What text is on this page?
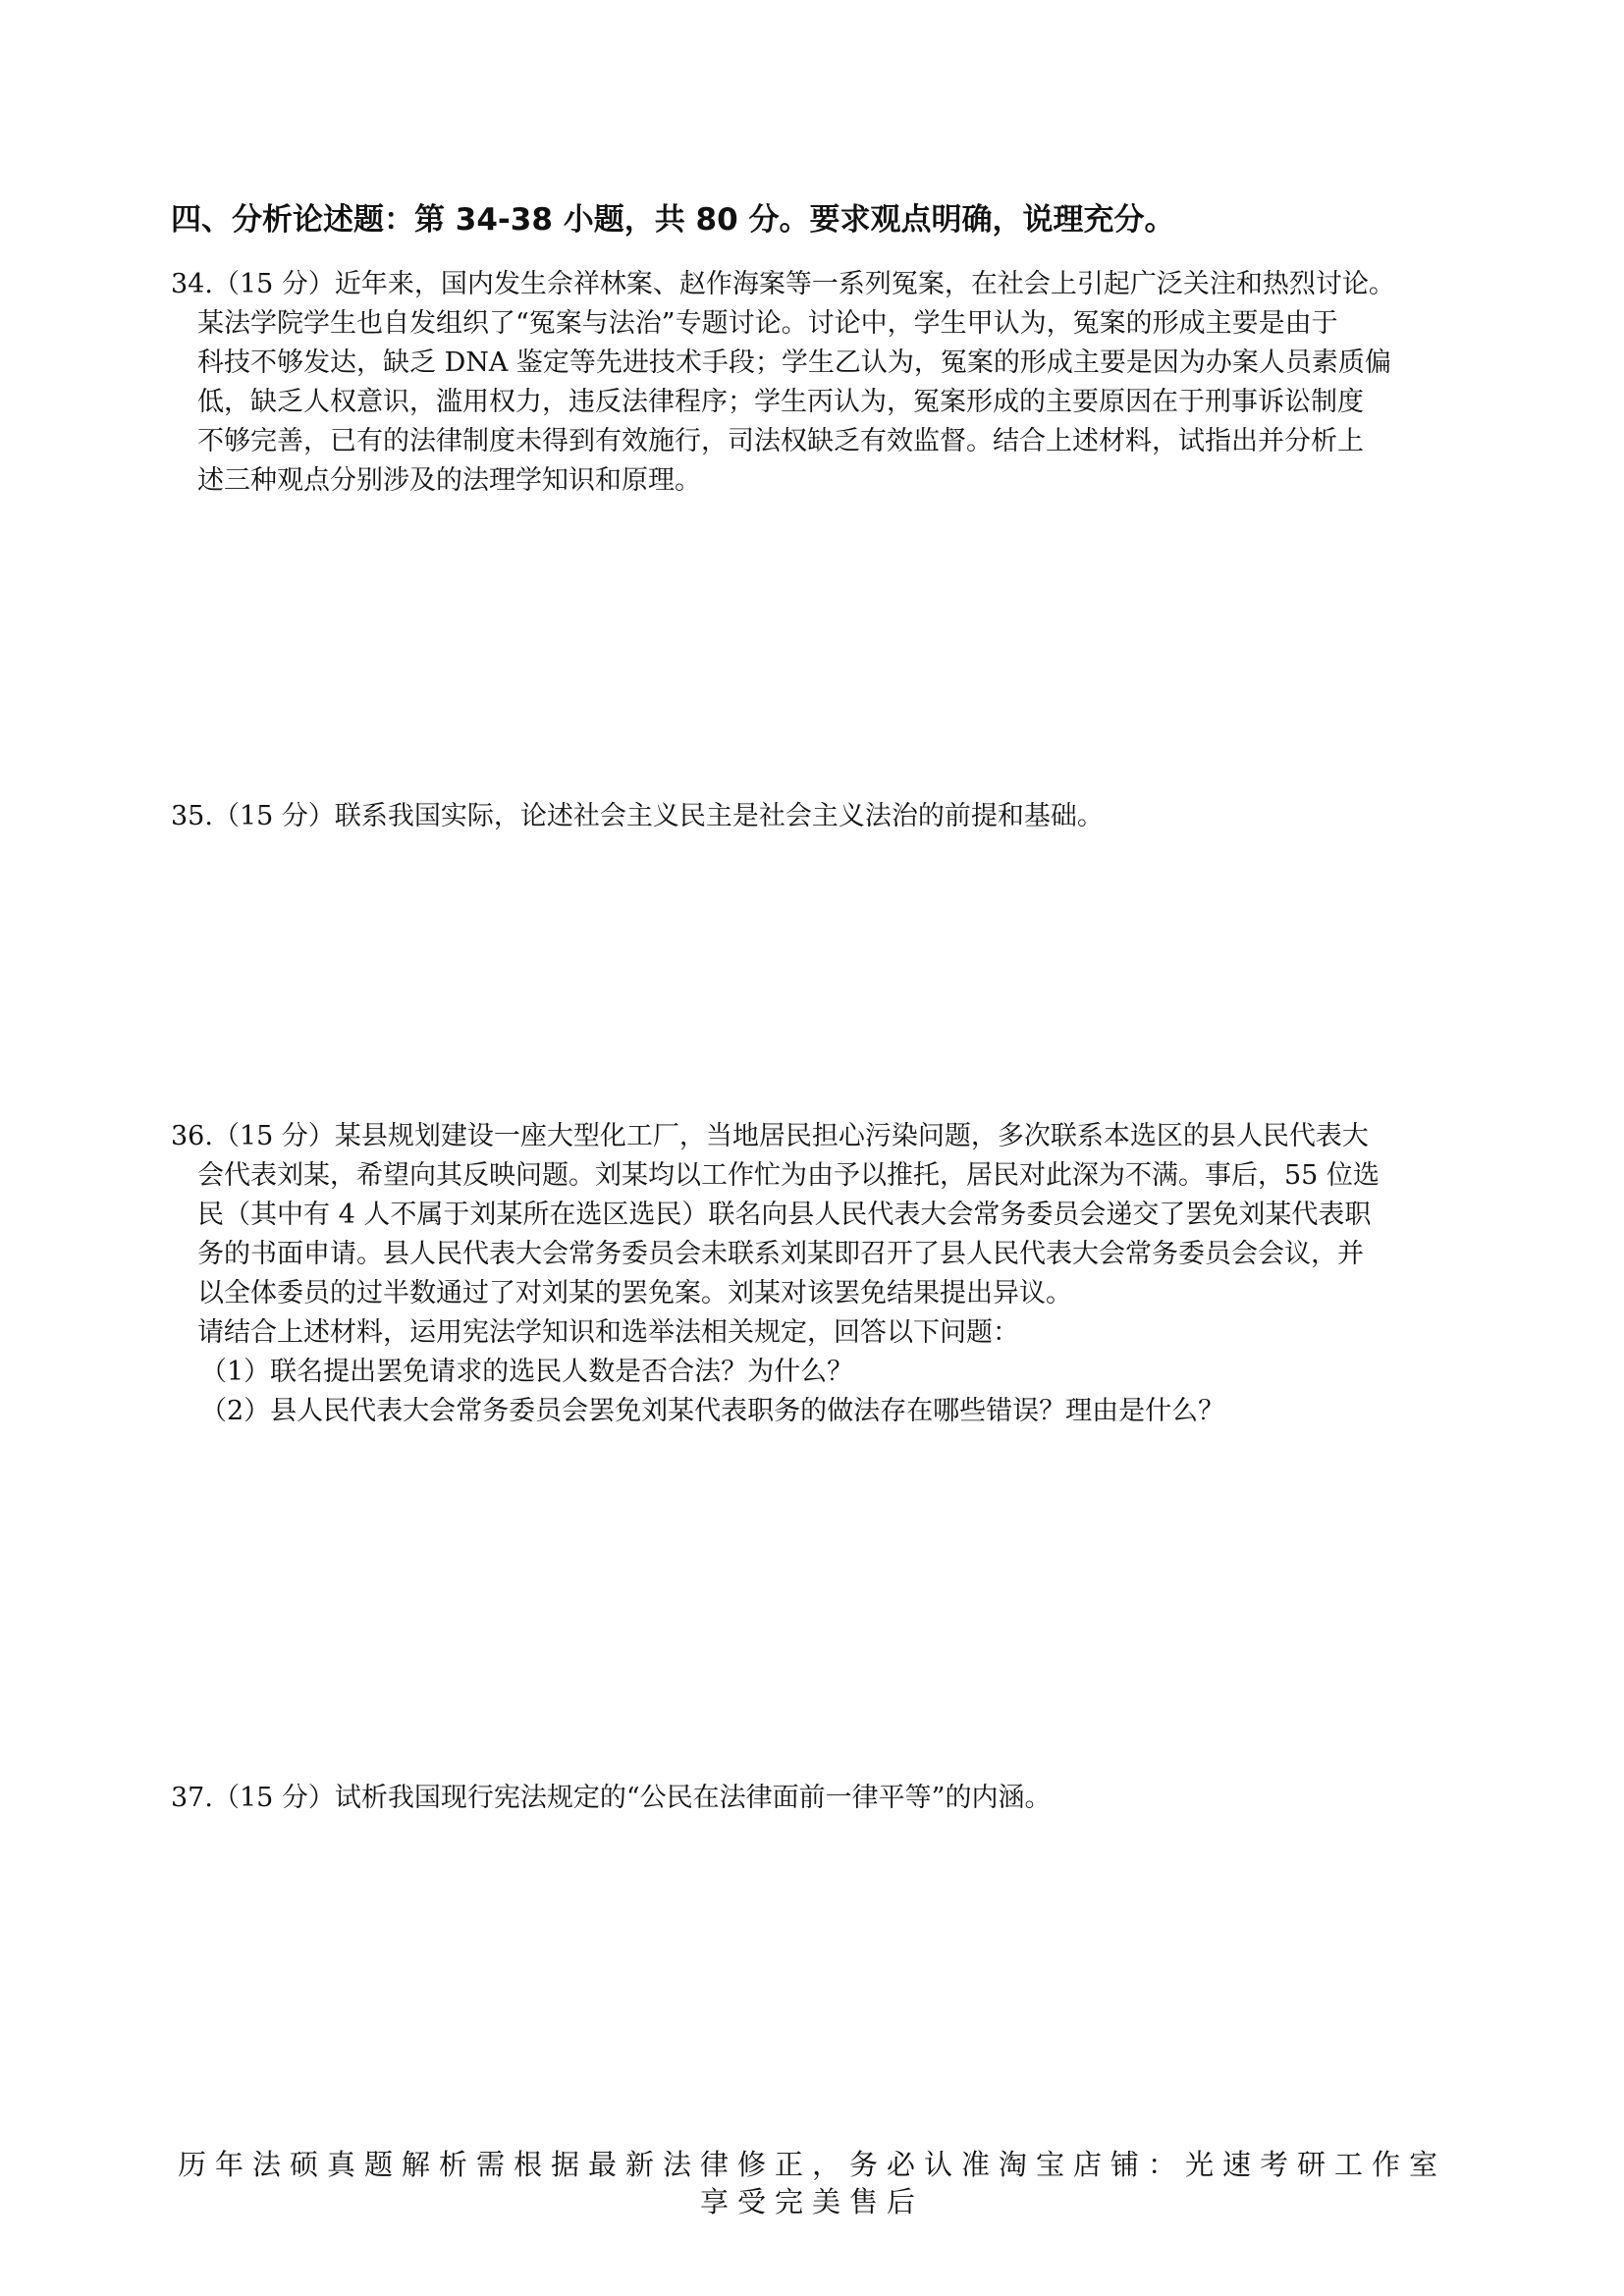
四、分析论述题：第 34-38 小题，共 80 分。要求观点明确，说理充分。
34.（15 分）近年来，国内发生佘祥林案、赵作海案等一系列冤案，在社会上引起广泛关注和热烈讨论。
某法学院学生也自发组织了“冤案与法治”专题讨论。讨论中，学生甲认为，冤案的形成主要是由于
科技不够发达，缺乏 DNA 鉴定等先进技术手段；学生乙认为，冤案的形成主要是因为办案人员素质偏
低，缺乏人权意识，滥用权力，违反法律程序；学生丙认为，冤案形成的主要原因在于刑事诉讼制度
不够完善，已有的法律制度未得到有效施行，司法权缺乏有效监督。结合上述材料，试指出并分析上
述三种观点分别涉及的法理学知识和原理。
35.（15 分）联系我国实际，论述社会主义民主是社会主义法治的前提和基础。
36.（15 分）某县规划建设一座大型化工厂，当地居民担心污染问题，多次联系本选区的县人民代表大
会代表刘某，希望向其反映问题。刘某均以工作忙为由予以推托，居民对此深为不满。事后，55 位选
民（其中有 4 人不属于刘某所在选区选民）联名向县人民代表大会常务委员会递交了罢免刘某代表职
务的书面申请。县人民代表大会常务委员会未联系刘某即召开了县人民代表大会常务委员会会议，并
以全体委员的过半数通过了对刘某的罢免案。刘某对该罢免结果提出异议。
请结合上述材料，运用宪法学知识和选举法相关规定，回答以下问题：
（1）联名提出罢免请求的选民人数是否合法？为什么？
（2）县人民代表大会常务委员会罢免刘某代表职务的做法存在哪些错误？理由是什么？
37.（15 分）试析我国现行宪法规定的“公民在法律面前一律平等”的内涵。
历年法硕真题解析需根据最新法律修正，务必认准淘宝店铺：光速考研工作室
享受完美售后
